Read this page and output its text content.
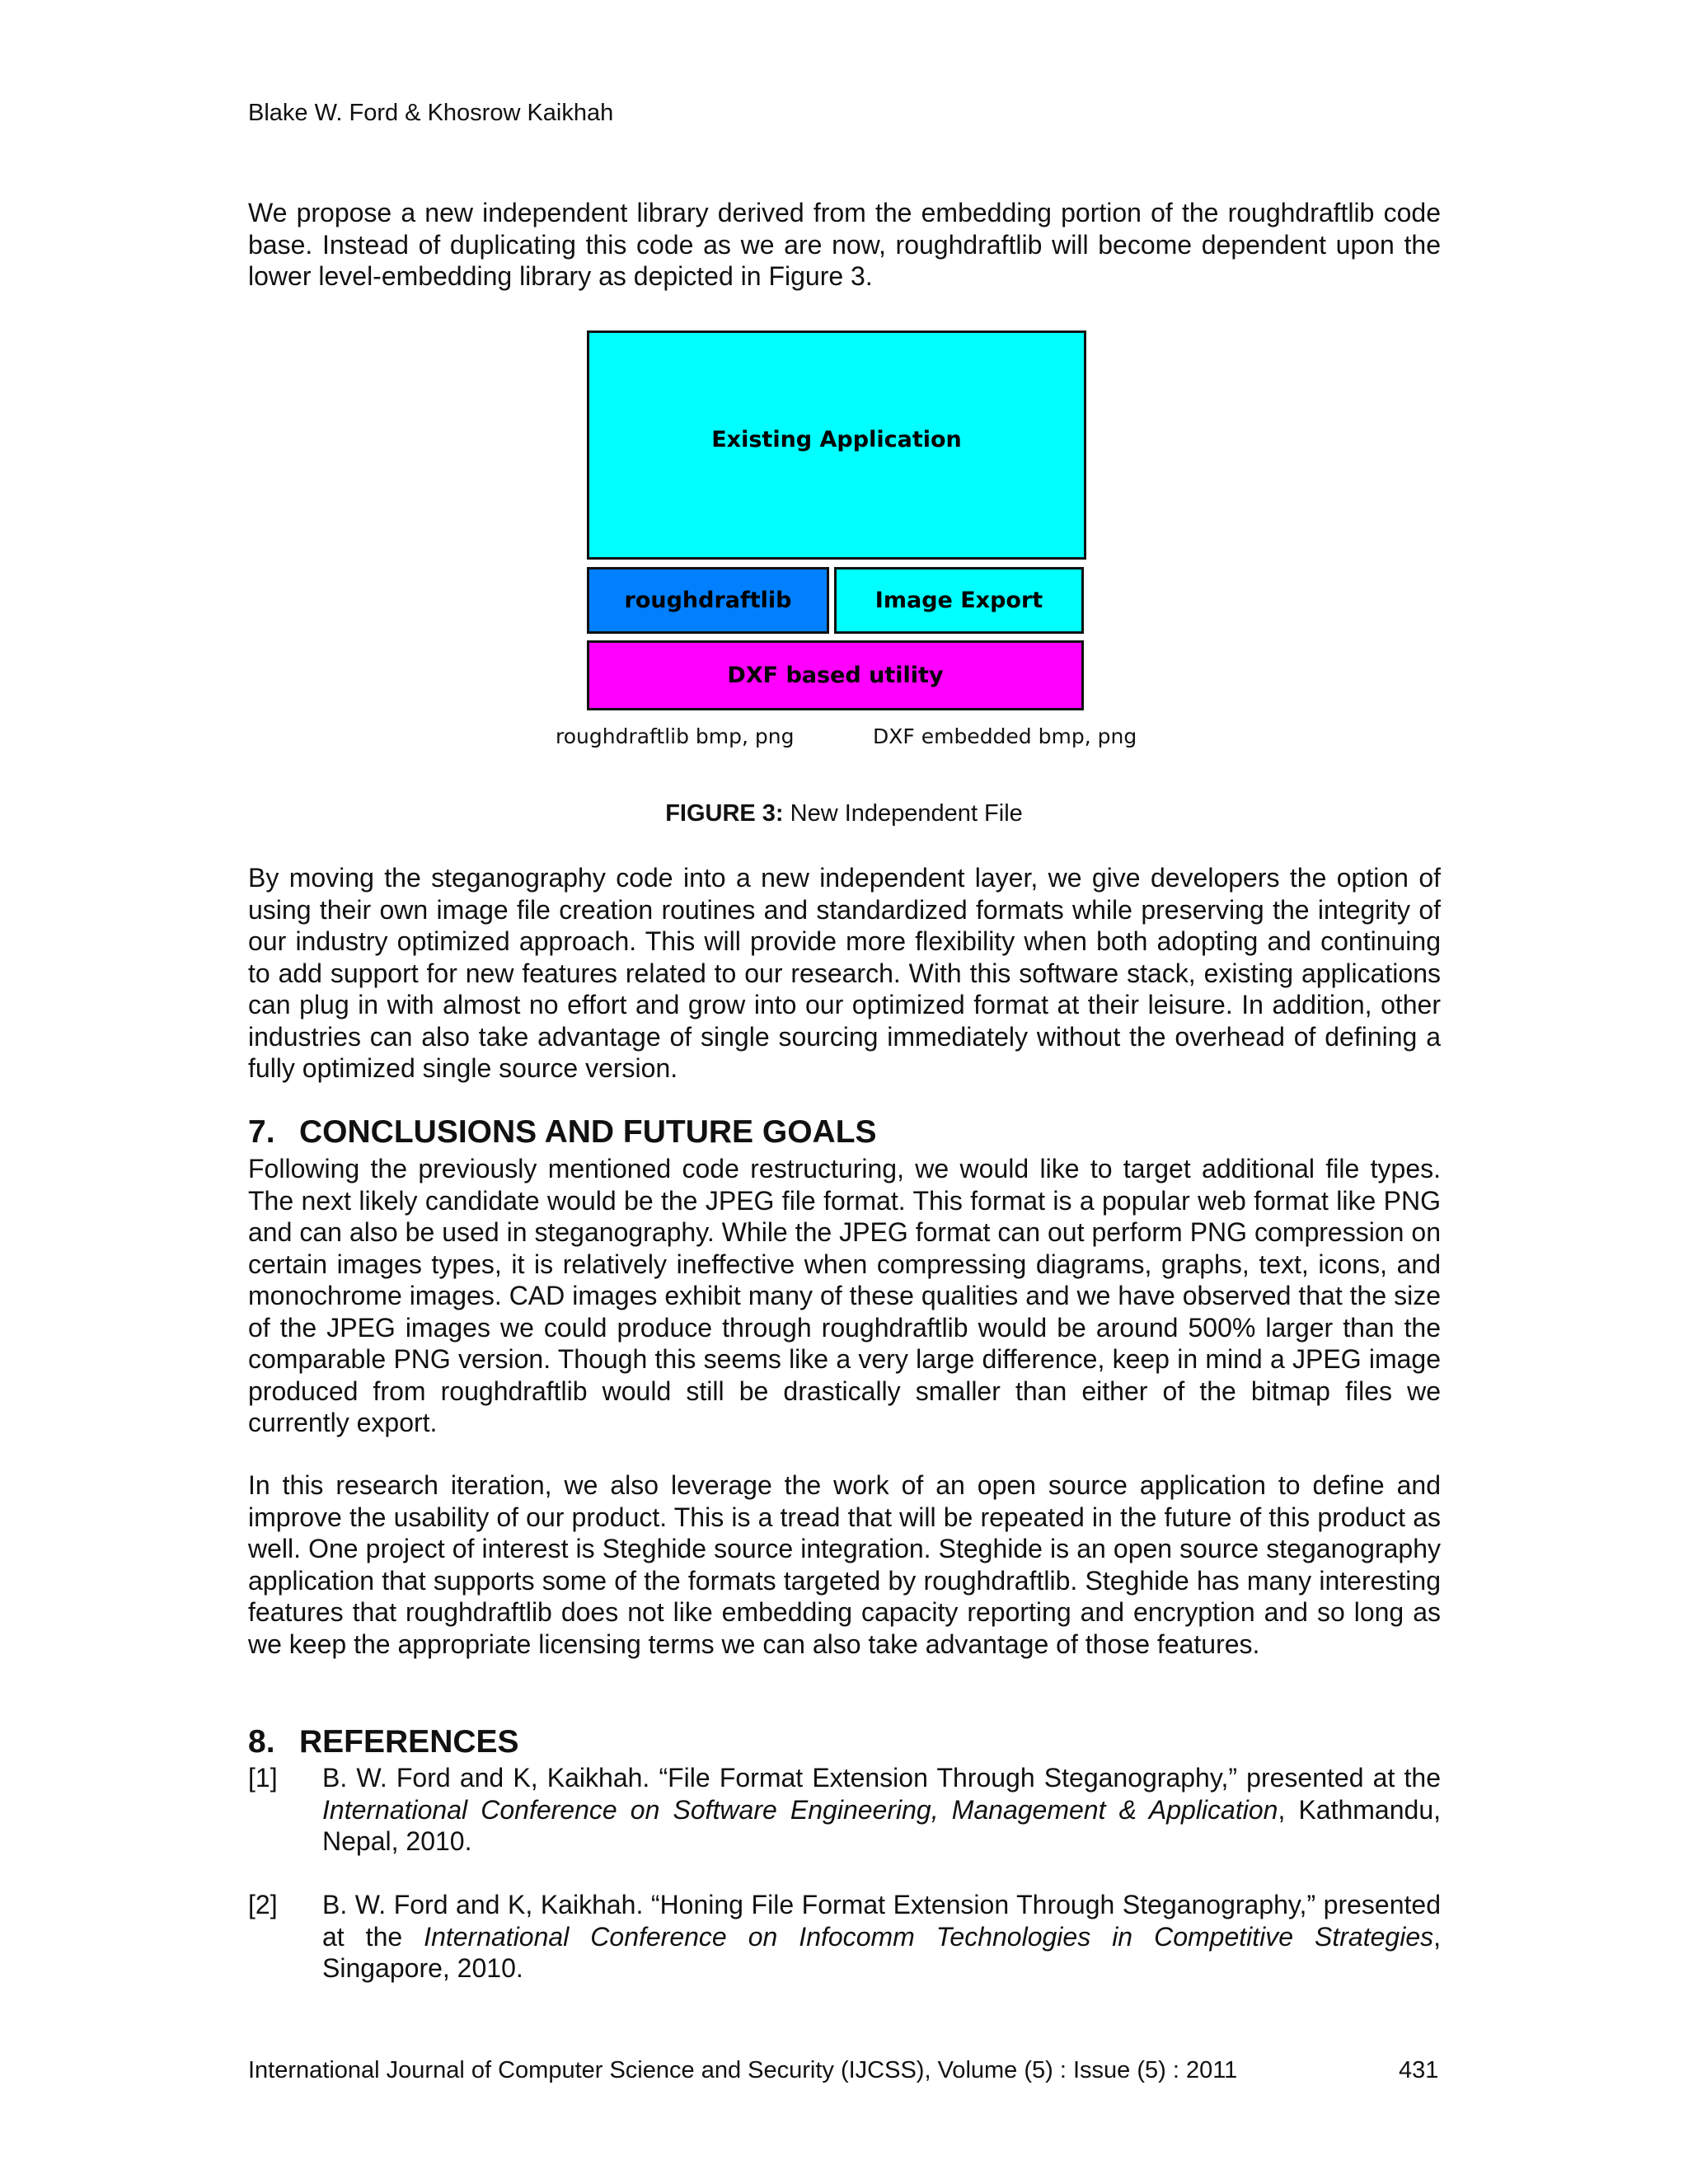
Blake W. Ford & Khosrow Kaikhah

We propose a new independent library derived from the embedding portion of the roughdraftlib code base. Instead of duplicating this code as we are now, roughdraftlib will become dependent upon the lower level-embedding library as depicted in Figure 3.

Existing Application
roughdraftlib	Image Export
DXF based utility
roughdraftlib bmp, png	DXF embedded bmp, png
FIGURE 3: New Independent File

By moving the steganography code into a new independent layer, we give developers the option of using their own image file creation routines and standardized formats while preserving the integrity of our industry optimized approach. This will provide more flexibility when both adopting and continuing to add support for new features related to our research. With this software stack, existing applications can plug in with almost no effort and grow into our optimized format at their leisure. In addition, other industries can also take advantage of single sourcing immediately without the overhead of defining a fully optimized single source version.

7. CONCLUSIONS AND FUTURE GOALS

Following the previously mentioned code restructuring, we would like to target additional file types. The next likely candidate would be the JPEG file format. This format is a popular web format like PNG and can also be used in steganography. While the JPEG format can out perform PNG compression on certain images types, it is relatively ineffective when compressing diagrams, graphs, text, icons, and monochrome images. CAD images exhibit many of these qualities and we have observed that the size of the JPEG images we could produce through roughdraftlib would be around 500% larger than the comparable PNG version. Though this seems like a very large difference, keep in mind a JPEG image produced from roughdraftlib would still be drastically smaller than either of the bitmap files we currently export.

In this research iteration, we also leverage the work of an open source application to define and improve the usability of our product. This is a tread that will be repeated in the future of this product as well. One project of interest is Steghide source integration. Steghide is an open source steganography application that supports some of the formats targeted by roughdraftlib. Steghide has many interesting features that roughdraftlib does not like embedding capacity reporting and encryption and so long as we keep the appropriate licensing terms we can also take advantage of those features.

8. REFERENCES
[1] B. W. Ford and K, Kaikhah. “File Format Extension Through Steganography,” presented at the International Conference on Software Engineering, Management & Application, Kathmandu, Nepal, 2010.
[2] B. W. Ford and K, Kaikhah. “Honing File Format Extension Through Steganography,” presented at the International Conference on Infocomm Technologies in Competitive Strategies, Singapore, 2010.
International Journal of Computer Science and Security (IJCSS), Volume (5) : Issue (5) : 2011	431
